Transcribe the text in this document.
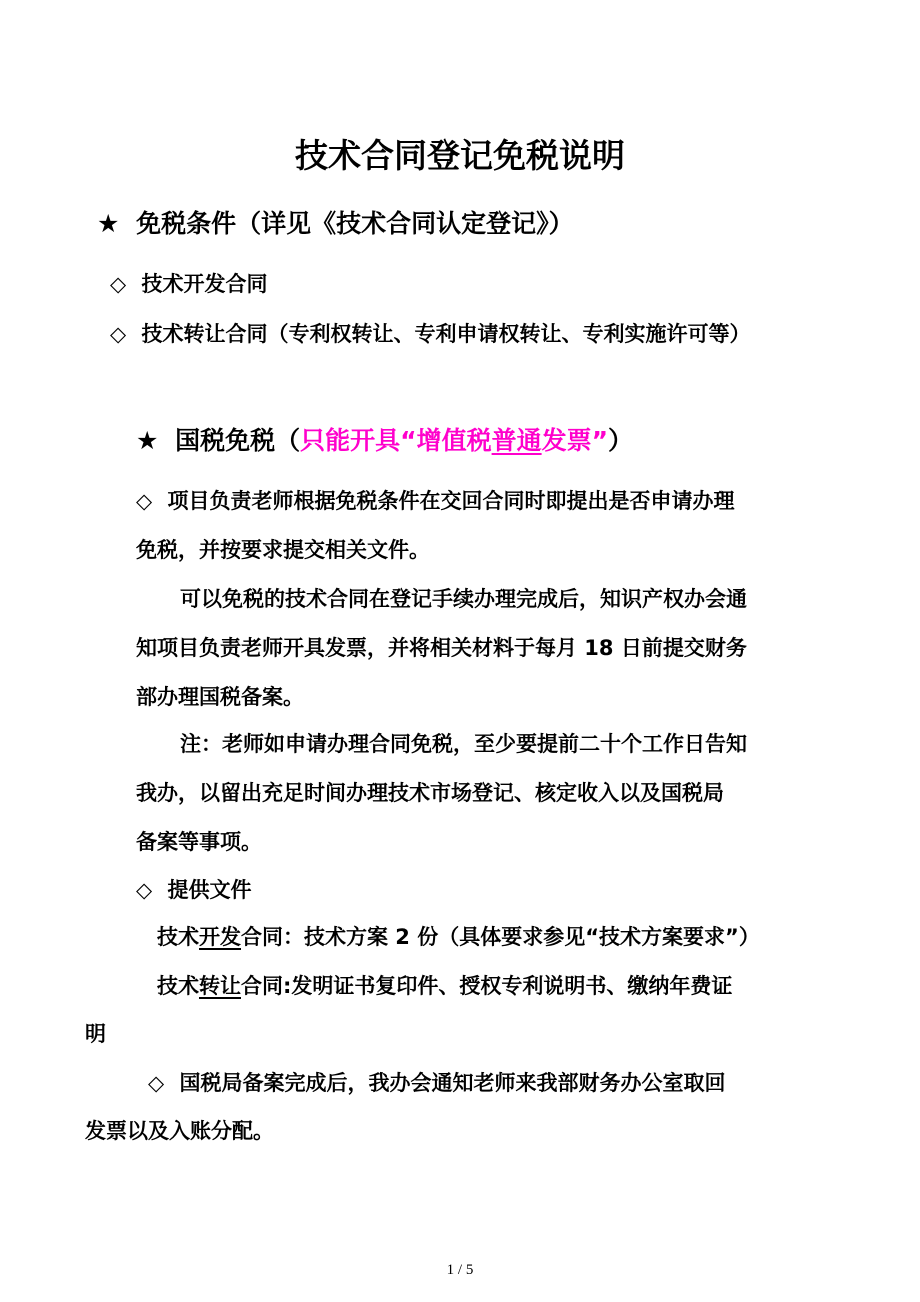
技术合同登记免税说明
★ 免税条件（详见《技术合同认定登记》）
◇ 技术开发合同
◇ 技术转让合同（专利权转让、专利申请权转让、专利实施许可等）
★ 国税免税（只能开具“增值税普通发票”）
◇ 项目负责老师根据免税条件在交回合同时即提出是否申请办理
免税，并按要求提交相关文件。
可以免税的技术合同在登记手续办理完成后，知识产权办会通
知项目负责老师开具发票，并将相关材料于每月 18 日前提交财务
部办理国税备案。
注：老师如申请办理合同免税，至少要提前二十个工作日告知
我办，以留出充足时间办理技术市场登记、核定收入以及国税局
备案等事项。
◇ 提供文件
技术开发合同：技术方案 2 份（具体要求参见“技术方案要求”）
技术转让合同:发明证书复印件、授权专利说明书、缴纳年费证
明
◇ 国税局备案完成后，我办会通知老师来我部财务办公室取回
发票以及入账分配。
1 / 5
